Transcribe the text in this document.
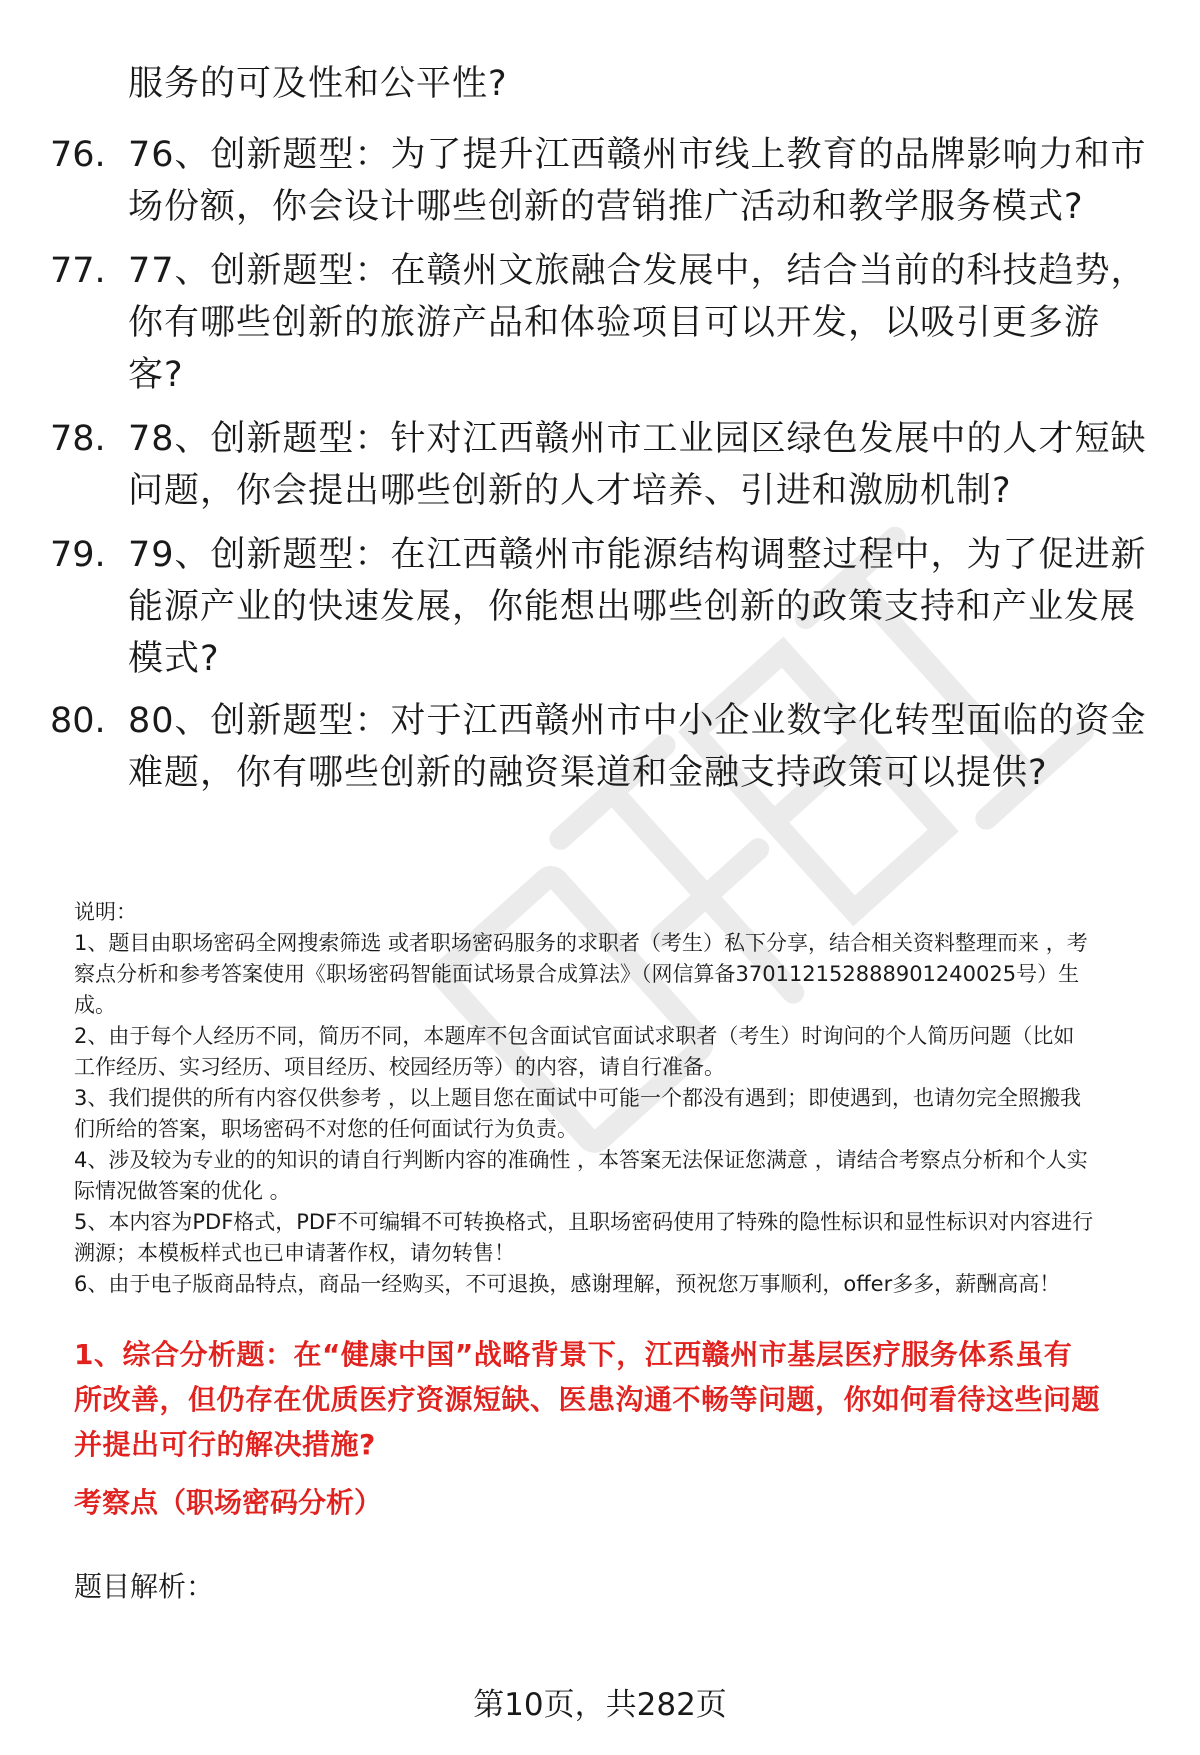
服务的可及性和公平性?
76. 76、创新题型：为了提升江西赣州市线上教育的品牌影响力和市
场份额，你会设计哪些创新的营销推广活动和教学服务模式?
77. 77、创新题型：在赣州文旅融合发展中，结合当前的科技趋势，
你有哪些创新的旅游产品和体验项目可以开发，以吸引更多游
客?
78. 78、创新题型：针对江西赣州市工业园区绿色发展中的人才短缺
问题，你会提出哪些创新的人才培养、引进和激励机制?
79. 79、创新题型：在江西赣州市能源结构调整过程中，为了促进新
能源产业的快速发展，你能想出哪些创新的政策支持和产业发展
模式?
80. 80、创新题型：对于江西赣州市中小企业数字化转型面临的资金
难题，你有哪些创新的融资渠道和金融支持政策可以提供?
说明：
1、题目由职场密码全网搜索筛选 或者职场密码服务的求职者（考生）私下分享，结合相关资料整理而来 ，考
察点分析和参考答案使用《职场密码智能面试场景合成算法》（网信算备370112152888901240025号）生
成。
2、由于每个人经历不同，简历不同，本题库不包含面试官面试求职者（考生）时询问的个人简历问题（比如
工作经历、实习经历、项目经历、校园经历等）的内容，请自行准备。
3、我们提供的所有内容仅供参考 ，以上题目您在面试中可能一个都没有遇到；即使遇到，也请勿完全照搬我
们所给的答案，职场密码不对您的任何面试行为负责。
4、涉及较为专业的的知识的请自行判断内容的准确性 ，本答案无法保证您满意 ，请结合考察点分析和个人实
际情况做答案的优化 。
5、本内容为PDF格式，PDF不可编辑不可转换格式，且职场密码使用了特殊的隐性标识和显性标识对内容进行
溯源；本模板样式也已申请著作权，请勿转售！
6、由于电子版商品特点，商品一经购买，不可退换，感谢理解，预祝您万事顺利，offer多多，薪酬高高！
1、综合分析题：在“健康中国”战略背景下，江西赣州市基层医疗服务体系虽有
所改善，但仍存在优质医疗资源短缺、医患沟通不畅等问题，你如何看待这些问题
并提出可行的解决措施?
考察点（职场密码分析）
题目解析：
第10页，共282页
